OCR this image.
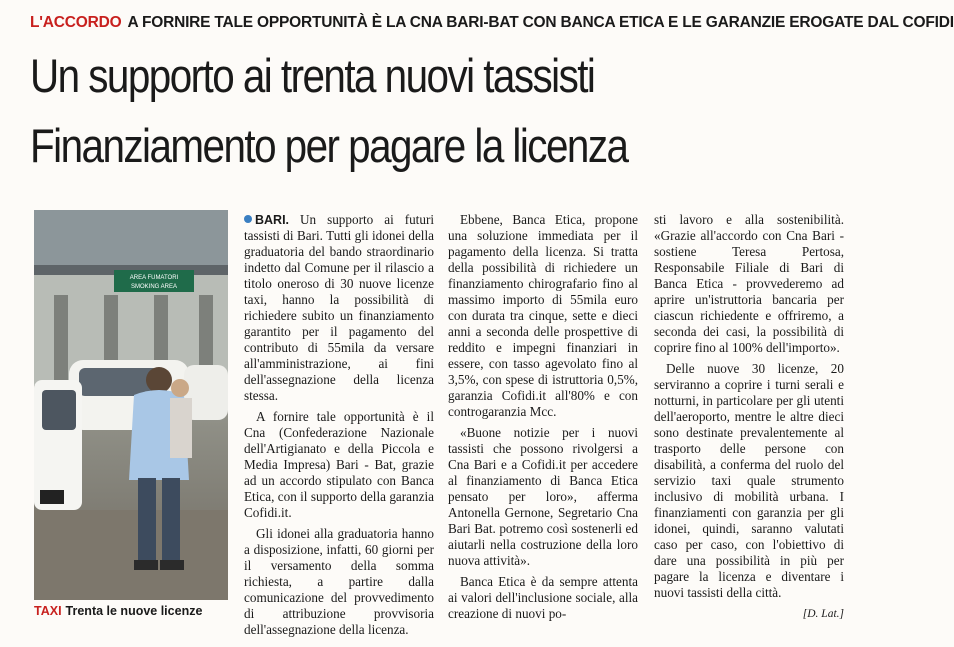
L'ACCORDO A FORNIRE TALE OPPORTUNITÀ È LA CNA BARI-BAT CON BANCA ETICA E LE GARANZIE EROGATE DAL COFIDI
Un supporto ai trenta nuovi tassisti
Finanziamento per pagare la licenza
AREA FUMATORI
SMOKING AREA
TAXI Trenta le nuove licenze

BARI. Un supporto ai futuri tassisti di Bari. Tutti gli idonei della graduatoria del bando straordinario indetto dal Comune per il rilascio a titolo oneroso di 30 nuove licenze taxi, hanno la possibilità di richiedere subito un finanziamento garantito per il pagamento del contributo di 55mila da versare all'amministrazione, ai fini dell'assegnazione della licenza stessa.

A fornire tale opportunità è il Cna (Confederazione Nazionale dell'Artigianato e della Piccola e Media Impresa) Bari - Bat, grazie ad un accordo stipulato con Banca Etica, con il supporto della garanzia Cofidi.it.

Gli idonei alla graduatoria hanno a disposizione, infatti, 60 giorni per il versamento della somma richiesta, a partire dalla comunicazione del provvedimento di attribuzione provvisoria dell'assegnazione della licenza.

Ebbene, Banca Etica, propone una soluzione immediata per il pagamento della licenza. Si tratta della possibilità di richiedere un finanziamento chirografario fino al massimo importo di 55mila euro con durata tra cinque, sette e dieci anni a seconda delle prospettive di reddito e impegni finanziari in essere, con tasso agevolato fino al 3,5%, con spese di istruttoria 0,5%, garanzia Cofidi.it all'80% e con controgaranzia Mcc.

«Buone notizie per i nuovi tassisti che possono rivolgersi a Cna Bari e a Cofidi.it per accedere al finanziamento di Banca Etica pensato per loro», afferma Antonella Gernone, Segretario Cna Bari Bat. potremo così sostenerli ed aiutarli nella costruzione della loro nuova attività».

Banca Etica è da sempre attenta ai valori dell'inclusione sociale, alla creazione di nuovi po-

sti lavoro e alla sostenibilità. «Grazie all'accordo con Cna Bari - sostiene Teresa Pertosa, Responsabile Filiale di Bari di Banca Etica - provvederemo ad aprire un'istruttoria bancaria per ciascun richiedente e offriremo, a seconda dei casi, la possibilità di coprire fino al 100% dell'importo».

Delle nuove 30 licenze, 20 serviranno a coprire i turni serali e notturni, in particolare per gli utenti dell'aeroporto, mentre le altre dieci sono destinate prevalentemente al trasporto delle persone con disabilità, a conferma del ruolo del servizio taxi quale strumento inclusivo di mobilità urbana. I finanziamenti con garanzia per gli idonei, quindi, saranno valutati caso per caso, con l'obiettivo di dare una possibilità in più per pagare la licenza e diventare i nuovi tassisti della città.

[D. Lat.]
